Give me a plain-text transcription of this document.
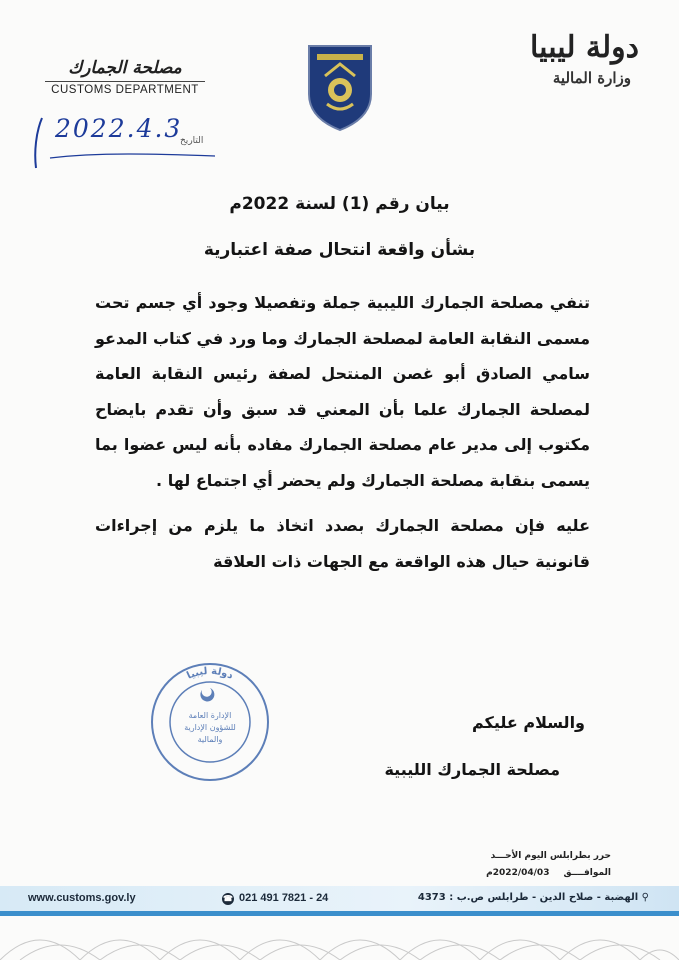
مصلحة الجمارك
CUSTOMS DEPARTMENT
2022.4.3
التاريخ
دولة ليبيا
وزارة المالية
بيان رقم (1) لسنة 2022م
بشأن واقعة انتحال صفة اعتبارية

تنفي مصلحة الجمارك الليبية جملة وتفصيلا وجود أي جسم تحت مسمى النقابة العامة لمصلحة الجمارك وما ورد في كتاب المدعو سامي الصادق أبو غصن المنتحل لصفة رئيس النقابة العامة لمصلحة الجمارك علما بأن المعني قد سبق وأن تقدم بايضاح مكتوب إلى مدير عام مصلحة الجمارك مفاده بأنه ليس عضوا بما يسمى بنقابة مصلحة الجمارك ولم يحضر أي اجتماع لها .

عليه فإن مصلحة الجمارك بصدد اتخاذ ما يلزم من إجراءات قانونية حيال هذه الواقعة مع الجهات ذات العلاقة

دولة ليبيا
الإدارة العامة
للشؤون الإدارية
والمالية
والسلام عليكم
مصلحة الجمارك الليبية
حرر بطرابلس اليوم الأحـــد
الموافــــق
2022/04/03م
www.customs.gov.ly	☎ 021 491 7821 - 24	⚲ الهضبة - صلاح الدين - طرابلس ص.ب : 4373
